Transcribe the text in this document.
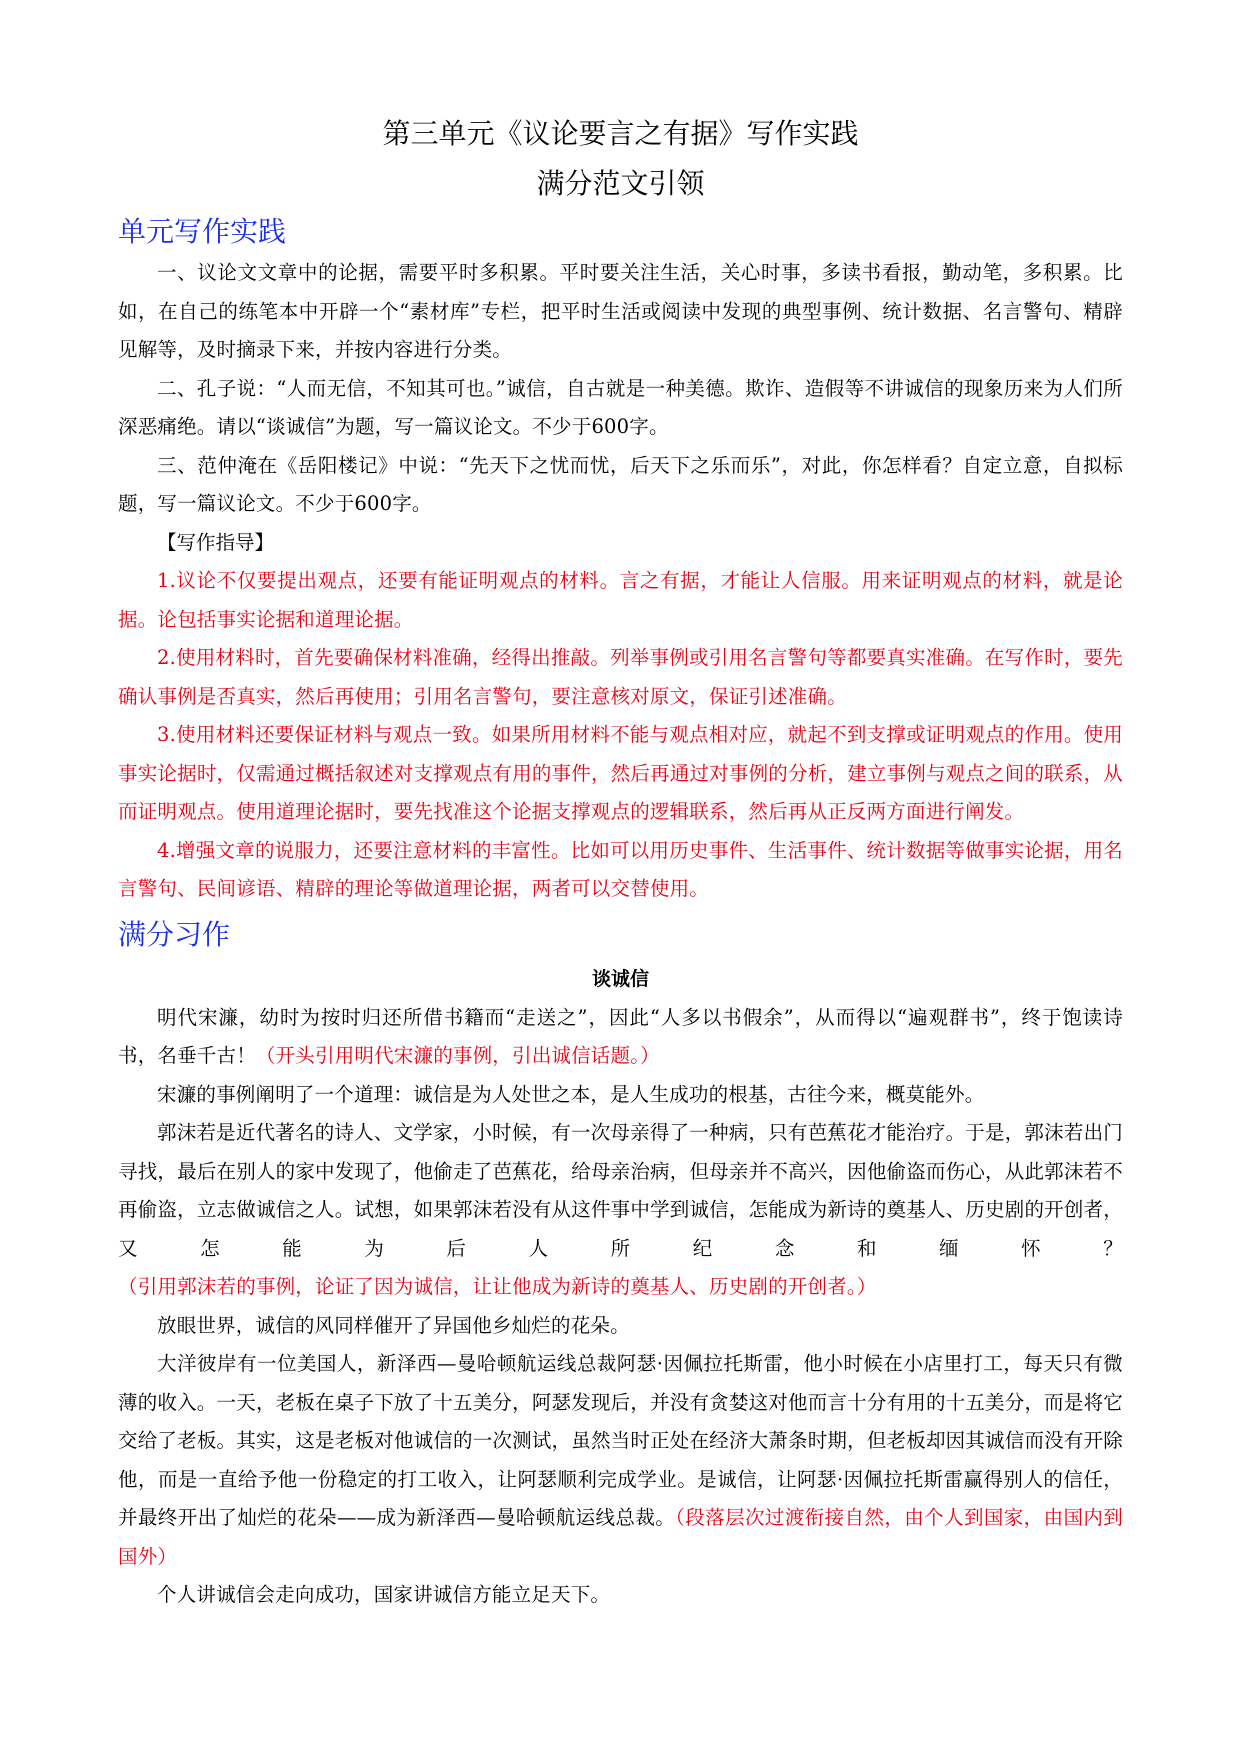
第三单元《议论要言之有据》写作实践
满分范文引领
单元写作实践

一、议论文文章中的论据，需要平时多积累。平时要关注生活，关心时事，多读书看报，勤动笔，多积累。比如，在自己的练笔本中开辟一个“素材库”专栏，把平时生活或阅读中发现的典型事例、统计数据、名言警句、精辟见解等，及时摘录下来，并按内容进行分类。

二、孔子说：“人而无信，不知其可也。”诚信，自古就是一种美德。欺诈、造假等不讲诚信的现象历来为人们所深恶痛绝。请以“谈诚信”为题，写一篇议论文。不少于600字。

三、范仲淹在《岳阳楼记》中说：“先天下之忧而忧，后天下之乐而乐”，对此，你怎样看？自定立意，自拟标题，写一篇议论文。不少于600字。

【写作指导】

1.议论不仅要提出观点，还要有能证明观点的材料。言之有据，才能让人信服。用来证明观点的材料，就是论据。论包括事实论据和道理论据。

2.使用材料时，首先要确保材料准确，经得出推敲。列举事例或引用名言警句等都要真实准确。在写作时，要先确认事例是否真实，然后再使用；引用名言警句，要注意核对原文，保证引述准确。

3.使用材料还要保证材料与观点一致。如果所用材料不能与观点相对应，就起不到支撑或证明观点的作用。使用事实论据时，仅需通过概括叙述对支撑观点有用的事件，然后再通过对事例的分析，建立事例与观点之间的联系，从而证明观点。使用道理论据时，要先找准这个论据支撑观点的逻辑联系，然后再从正反两方面进行阐发。

4.增强文章的说服力，还要注意材料的丰富性。比如可以用历史事件、生活事件、统计数据等做事实论据，用名言警句、民间谚语、精辟的理论等做道理论据，两者可以交替使用。

满分习作
谈诚信

明代宋濂，幼时为按时归还所借书籍而“走送之”，因此“人多以书假余”，从而得以“遍观群书”，终于饱读诗书，名垂千古！（开头引用明代宋濂的事例，引出诚信话题。）

宋濂的事例阐明了一个道理：诚信是为人处世之本，是人生成功的根基，古往今来，概莫能外。

郭沫若是近代著名的诗人、文学家，小时候，有一次母亲得了一种病，只有芭蕉花才能治疗。于是，郭沫若出门寻找，最后在别人的家中发现了，他偷走了芭蕉花，给母亲治病，但母亲并不高兴，因他偷盗而伤心，从此郭沫若不再偷盗，立志做诚信之人。试想，如果郭沫若没有从这件事中学到诚信，怎能成为新诗的奠基人、历史剧的开创者，又怎能为后人所纪念和缅怀？（引用郭沫若的事例，论证了因为诚信，让让他成为新诗的奠基人、历史剧的开创者。）

放眼世界，诚信的风同样催开了异国他乡灿烂的花朵。

大洋彼岸有一位美国人，新泽西—曼哈顿航运线总裁阿瑟·因佩拉托斯雷，他小时候在小店里打工，每天只有微薄的收入。一天，老板在桌子下放了十五美分，阿瑟发现后，并没有贪婪这对他而言十分有用的十五美分，而是将它交给了老板。其实，这是老板对他诚信的一次测试，虽然当时正处在经济大萧条时期，但老板却因其诚信而没有开除他，而是一直给予他一份稳定的打工收入，让阿瑟顺利完成学业。是诚信，让阿瑟·因佩拉托斯雷赢得别人的信任，并最终开出了灿烂的花朵——成为新泽西—曼哈顿航运线总裁。（段落层次过渡衔接自然，由个人到国家，由国内到国外）

个人讲诚信会走向成功，国家讲诚信方能立足天下。
